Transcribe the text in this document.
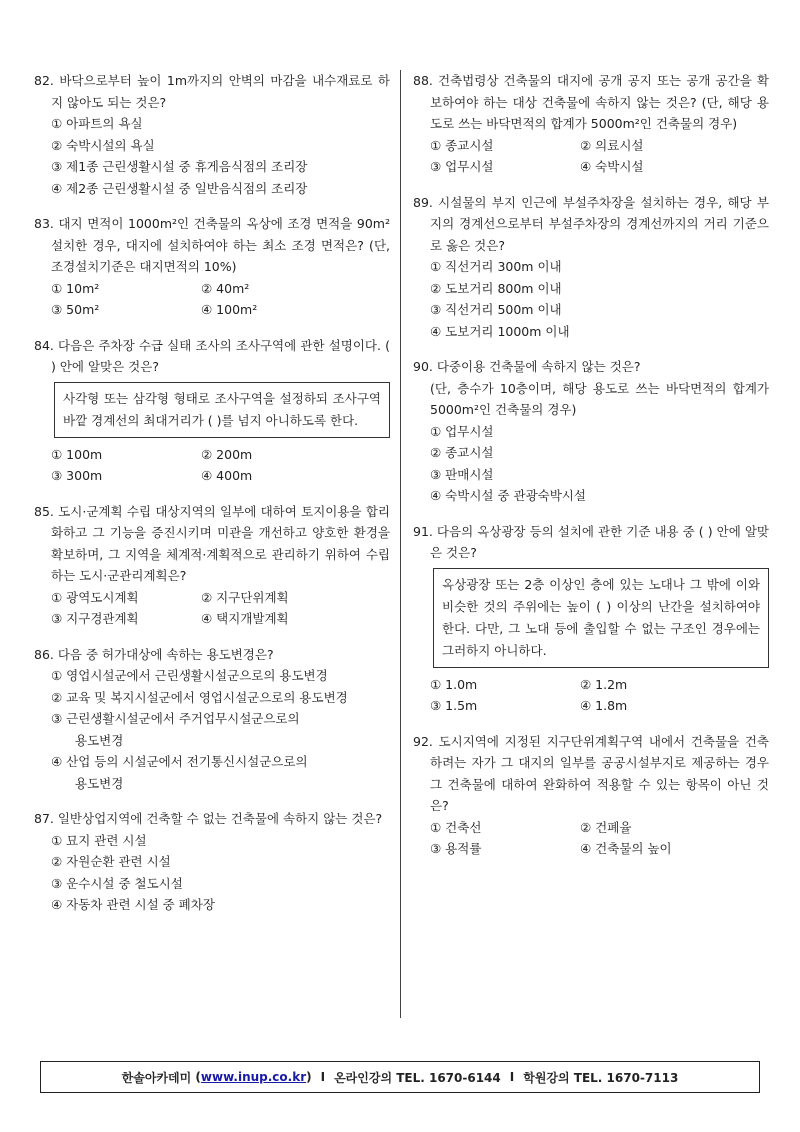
82. 바닥으로부터 높이 1m까지의 안벽의 마감을 내수재료로 하지 않아도 되는 것은?
① 아파트의 욕실
② 숙박시설의 욕실
③ 제1종 근린생활시설 중 휴게음식점의 조리장
④ 제2종 근린생활시설 중 일반음식점의 조리장
83. 대지 면적이 1000m²인 건축물의 옥상에 조경 면적을 90m² 설치한 경우, 대지에 설치하여야 하는 최소 조경 면적은? (단, 조경설치기준은 대지면적의 10%)
① 10m²	② 40m²
③ 50m²	④ 100m²
84. 다음은 주차장 수급 실태 조사의 조사구역에 관한 설명이다. ( ) 안에 알맞은 것은?
사각형 또는 삼각형 형태로 조사구역을 설정하되 조사구역 바깥 경계선의 최대거리가 ( )를 넘지 아니하도록 한다.
① 100m	② 200m
③ 300m	④ 400m
85. 도시·군계획 수립 대상지역의 일부에 대하여 토지이용을 합리화하고 그 기능을 증진시키며 미관을 개선하고 양호한 환경을 확보하며, 그 지역을 체계적·계획적으로 관리하기 위하여 수립하는 도시·군관리계획은?
① 광역도시계획	② 지구단위계획
③ 지구경관계획	④ 택지개발계획
86. 다음 중 허가대상에 속하는 용도변경은?
① 영업시설군에서 근린생활시설군으로의 용도변경
② 교육 및 복지시설군에서 영업시설군으로의 용도변경
③ 근린생활시설군에서 주거업무시설군으로의
용도변경
④ 산업 등의 시설군에서 전기통신시설군으로의
용도변경
87. 일반상업지역에 건축할 수 없는 건축물에 속하지 않는 것은?
① 묘지 관련 시설
② 자원순환 관련 시설
③ 운수시설 중 철도시설
④ 자동차 관련 시설 중 폐차장
88. 건축법령상 건축물의 대지에 공개 공지 또는 공개 공간을 확보하여야 하는 대상 건축물에 속하지 않는 것은? (단, 해당 용도로 쓰는 바닥면적의 합계가 5000m²인 건축물의 경우)
① 종교시설	② 의료시설
③ 업무시설	④ 숙박시설
89. 시설물의 부지 인근에 부설주차장을 설치하는 경우, 해당 부지의 경계선으로부터 부설주차장의 경계선까지의 거리 기준으로 옳은 것은?
① 직선거리 300m 이내
② 도보거리 800m 이내
③ 직선거리 500m 이내
④ 도보거리 1000m 이내
90. 다중이용 건축물에 속하지 않는 것은?
(단, 층수가 10층이며, 해당 용도로 쓰는 바닥면적의 합계가 5000m²인 건축물의 경우)
① 업무시설
② 종교시설
③ 판매시설
④ 숙박시설 중 관광숙박시설
91. 다음의 옥상광장 등의 설치에 관한 기준 내용 중 ( ) 안에 알맞은 것은?
옥상광장 또는 2층 이상인 층에 있는 노대나 그 밖에 이와 비슷한 것의 주위에는 높이 ( ) 이상의 난간을 설치하여야 한다. 다만, 그 노대 등에 출입할 수 없는 구조인 경우에는 그러하지 아니하다.
① 1.0m	② 1.2m
③ 1.5m	④ 1.8m
92. 도시지역에 지정된 지구단위계획구역 내에서 건축물을 건축하려는 자가 그 대지의 일부를 공공시설부지로 제공하는 경우 그 건축물에 대하여 완화하여 적용할 수 있는 항목이 아닌 것은?
① 건축선	② 건폐율
③ 용적률	④ 건축물의 높이
한솔아카데미 ( www.inup.co.kr ) I 온라인강의 TEL. 1670-6144 I 학원강의 TEL. 1670-7113
